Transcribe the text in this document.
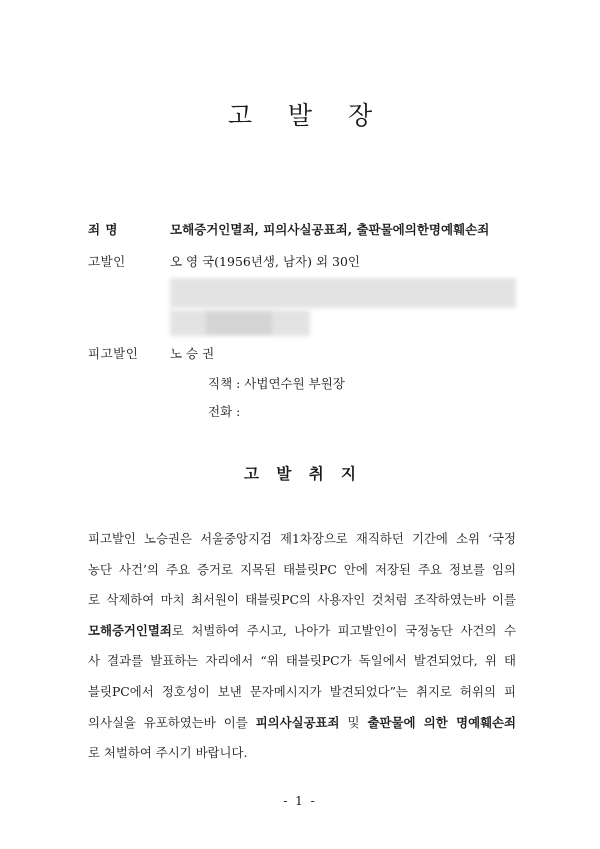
고 발 장
죄 명	모해증거인멸죄, 피의사실공표죄, 출판물에의한명예훼손죄
고발인	오 영 국(1956년생, 남자) 외 30인
피고발인	노 승 권
직책 : 사법연수원 부원장
전화 :
고 발 취 지
피고발인 노승권은 서울중앙지검 제1차장으로 재직하던 기간에 소위 ‘국정
농단 사건’의 주요 증거로 지목된 태블릿PC 안에 저장된 주요 정보를 임의
로 삭제하여 마치 최서원이 태블릿PC의 사용자인 것처럼 조작하였는바 이를
모해증거인멸죄로 처벌하여 주시고, 나아가 피고발인이 국정농단 사건의 수
사 결과를 발표하는 자리에서 “위 태블릿PC가 독일에서 발견되었다, 위 태
블릿PC에서 정호성이 보낸 문자메시지가 발견되었다”는 취지로 허위의 피
의사실을 유포하였는바 이를 피의사실공표죄 및 출판물에 의한 명예훼손죄
로 처벌하여 주시기 바랍니다.
- 1 -
